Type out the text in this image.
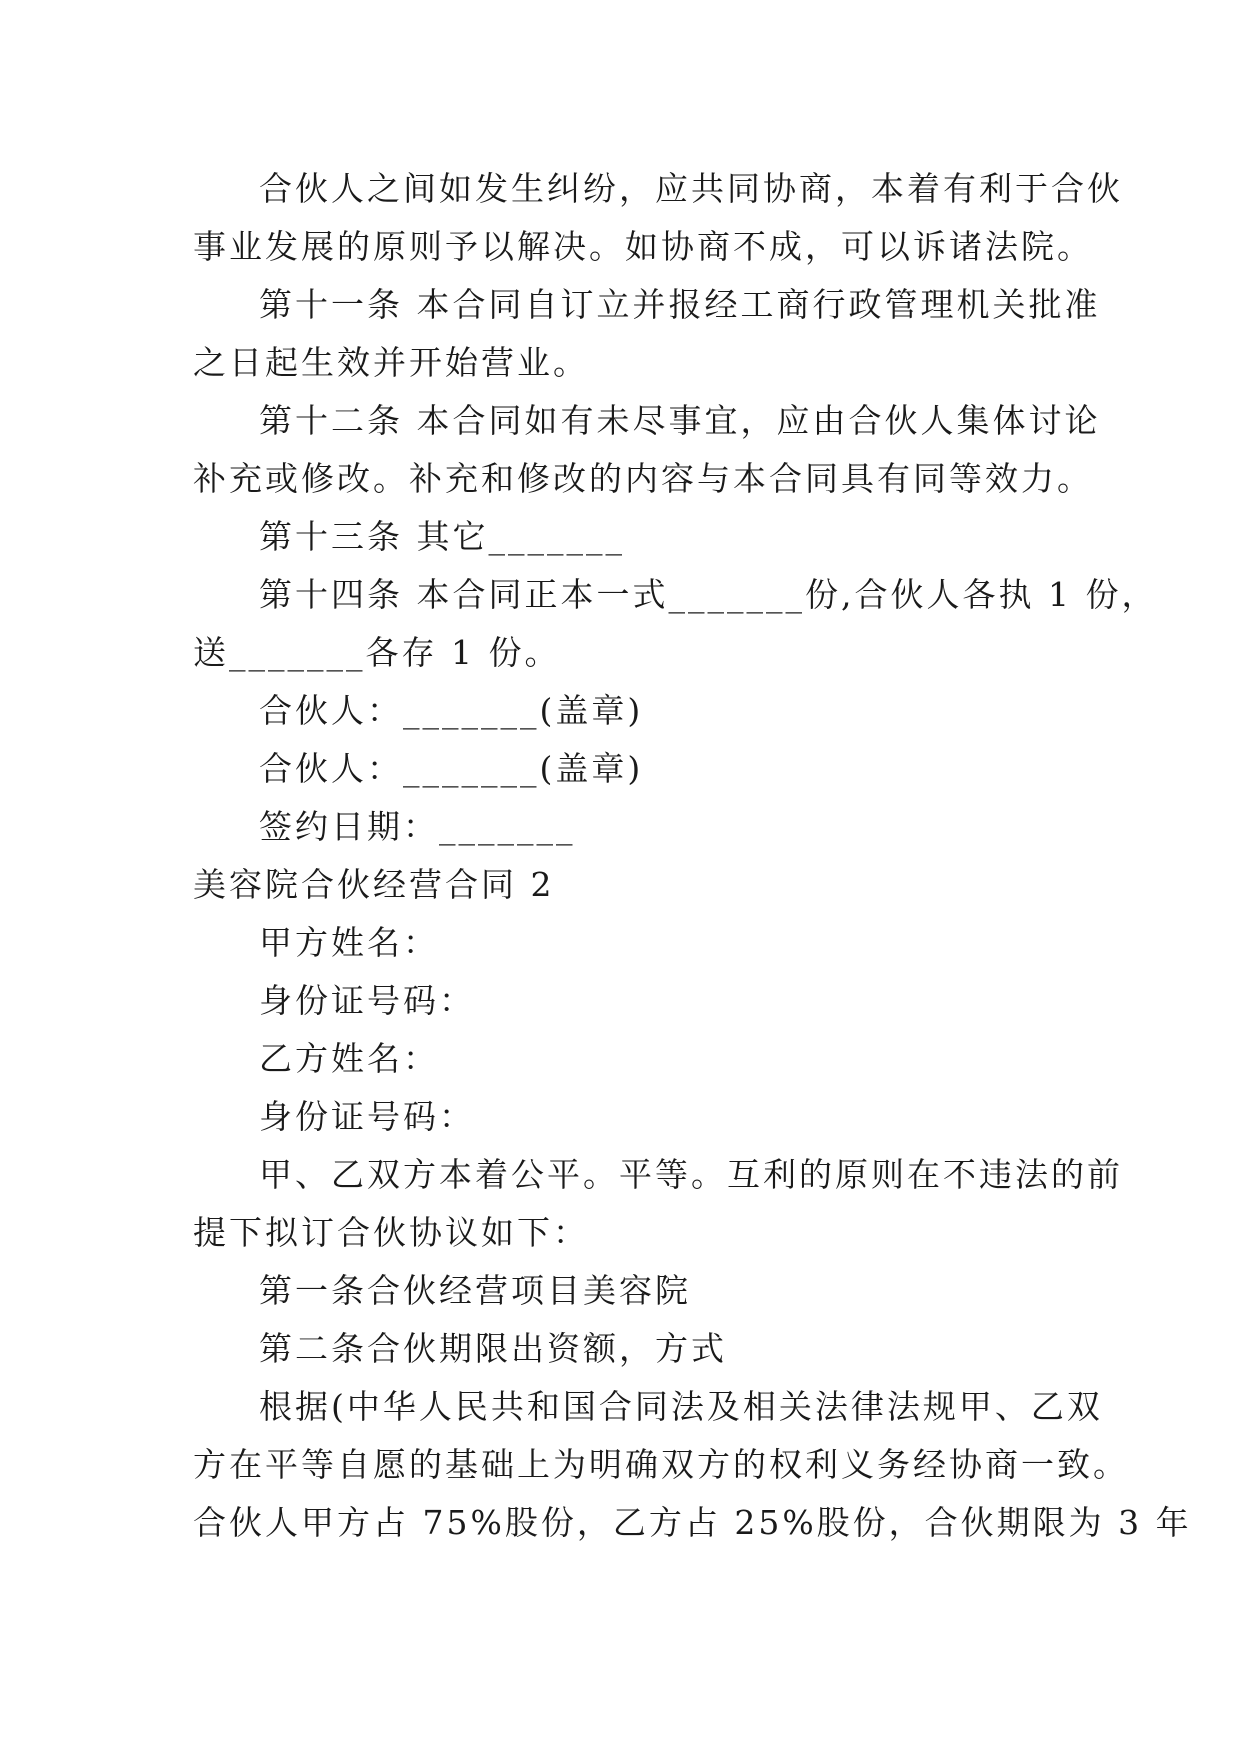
合伙人之间如发生纠纷，应共同协商，本着有利于合伙
事业发展的原则予以解决。如协商不成，可以诉诸法院。
第十一条 本合同自订立并报经工商行政管理机关批准
之日起生效并开始营业。
第十二条 本合同如有未尽事宜，应由合伙人集体讨论
补充或修改。补充和修改的内容与本合同具有同等效力。
第十三条 其它_______
第十四条 本合同正本一式_______份,合伙人各执 1 份，
送_______各存 1 份。
合伙人：_______(盖章)
合伙人：_______(盖章)
签约日期：_______
美容院合伙经营合同 2
甲方姓名：
身份证号码：
乙方姓名：
身份证号码：
甲、乙双方本着公平。平等。互利的原则在不违法的前
提下拟订合伙协议如下：
第一条合伙经营项目美容院
第二条合伙期限出资额，方式
根据(中华人民共和国合同法及相关法律法规甲、乙双
方在平等自愿的基础上为明确双方的权利义务经协商一致。
合伙人甲方占 75%股份，乙方占 25%股份，合伙期限为 3 年
